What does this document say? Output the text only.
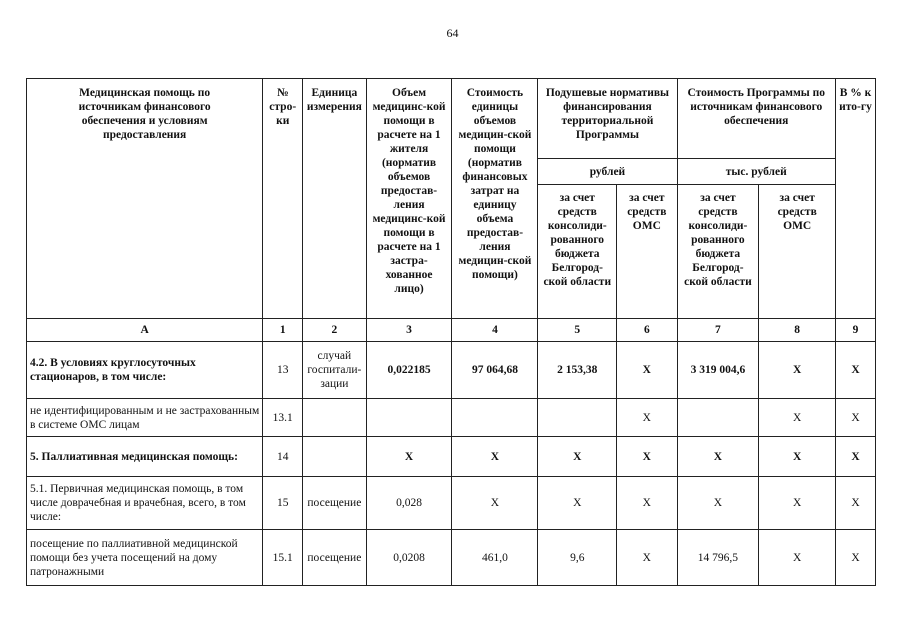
64
Медицинская помощь по источникам финансового обеспечения и условиям предоставления	№ стро-ки	Единица измерения	Объем медицинс-кой помощи в расчете на 1 жителя (норматив объемов предостав-ления медицинс-кой помощи в расчете на 1 застра-хованное лицо)	Стоимость единицы объемов медицин-ской помощи (норматив финансовых затрат на единицу объема предостав-ления медицин-ской помощи)	Подушевые нормативы финансирования территориальной Программы		Стоимость Программы по источникам финансового обеспечения		В % к ито-гу
					рублей		тыс. рублей		
					за счет средств консолиди-рованного бюджета Белгород-ской области	за счет средств ОМС	за счет средств консолиди-рованного бюджета Белгород-ской области	за счет средств ОМС	
А	1	2	3	4	5	6	7	8	9
4.2. В условиях круглосуточных стационаров, в том числе:	13	случай госпитали-зации	0,022185	97 064,68	2 153,38	X	3 319 004,6	X	X
не идентифицированным и не застрахованным в системе ОМС лицам	13.1					X		X	X
5. Паллиативная медицинская помощь:	14		X	X	X	X	X	X	X
5.1. Первичная медицинская помощь, в том числе доврачебная и врачебная, всего, в том числе:	15	посещение	0,028	X	X	X	X	X	X
посещение по паллиативной медицинской помощи без учета посещений на дому патронажными	15.1	посещение	0,0208	461,0	9,6	X	14 796,5	X	X
